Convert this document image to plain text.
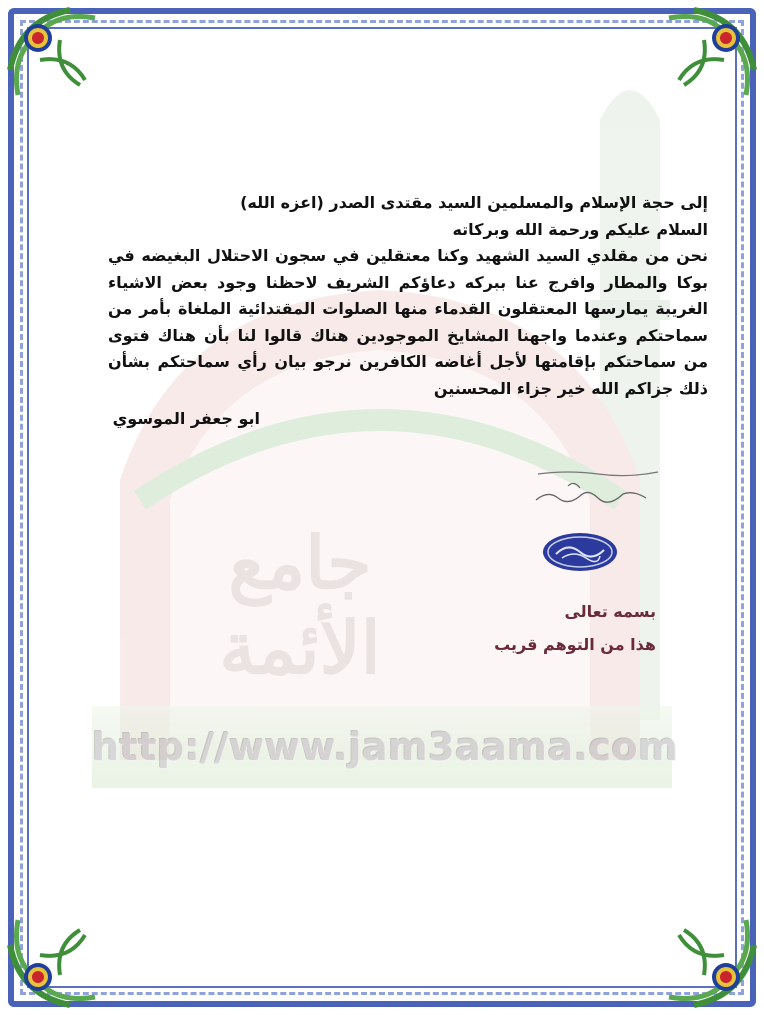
جامع الأئمة
http://www.jam3aama.com

إلى حجة الإسلام والمسلمين السيد مقتدى الصدر (اعزه الله)

السلام عليكم ورحمة الله وبركاته

نحن من مقلدي السيد الشهيد وكنا معتقلين في سجون الاحتلال البغيضه في بوكا والمطار وافرج عنا ببركه دعاؤكم الشريف لاحظنا وجود بعض الاشياء الغريبة يمارسها المعتقلون القدماء منها الصلوات المقتدائية الملغاة بأمر من سماحتكم وعندما واجهنا المشايخ الموجودين هناك قالوا لنا بأن هناك فتوى من سماحتكم بإقامتها لأجل أغاضه الكافرين نرجو بيان رأي سماحتكم بشأن ذلك جزاكم الله خير جزاء المحسنين

ابو جعفر الموسوي

بسمه تعالى

هذا من التوهم قريب
